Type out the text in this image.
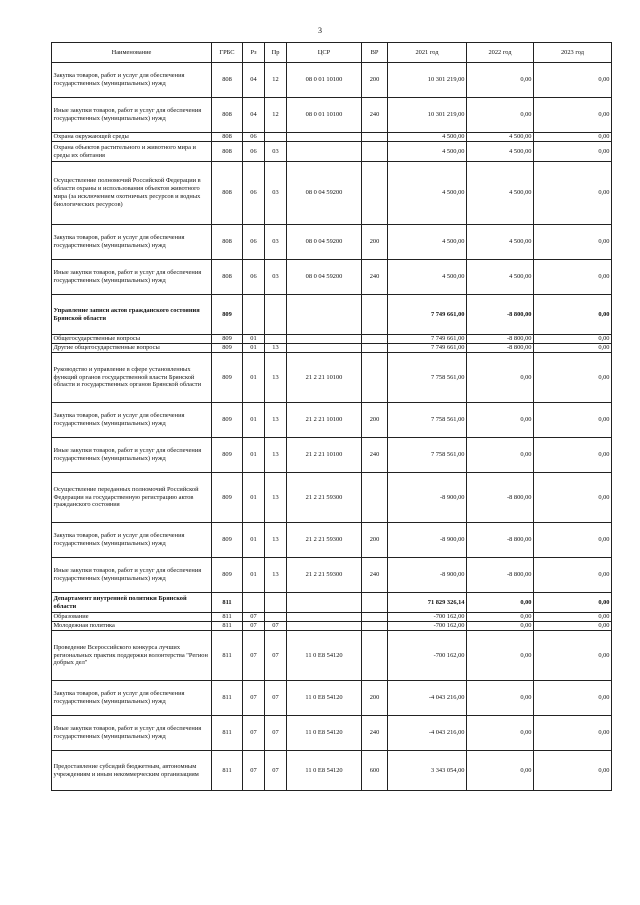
3
Наименование	ГРБС	Рз	Пр	ЦСР	ВР	2021 год	2022 год	2023 год
Закупка товаров, работ и услуг для обеспечения государственных (муниципальных) нужд	808	04	12	08 0 01 10100	200	10 301 219,00	0,00	0,00
Иные закупки товаров, работ и услуг для обеспечения государственных (муниципальных) нужд	808	04	12	08 0 01 10100	240	10 301 219,00	0,00	0,00
Охрана окружающей среды	808	06				4 500,00	4 500,00	0,00
Охрана объектов растительного и животного мира и среды их обитания	808	06	03			4 500,00	4 500,00	0,00
Осуществление полномочий Российской Федерации в области охраны и использования объектов животного мира (за исключением охотничьих ресурсов и водных биологических ресурсов)	808	06	03	08 0 04 59200		4 500,00	4 500,00	0,00
Закупка товаров, работ и услуг для обеспечения государственных (муниципальных) нужд	808	06	03	08 0 04 59200	200	4 500,00	4 500,00	0,00
Иные закупки товаров, работ и услуг для обеспечения государственных (муниципальных) нужд	808	06	03	08 0 04 59200	240	4 500,00	4 500,00	0,00
Управление записи актов гражданского состояния Брянской области	809					7 749 661,00	-8 800,00	0,00
Общегосударственные вопросы	809	01				7 749 661,00	-8 800,00	0,00
Другие общегосударственные вопросы	809	01	13			7 749 661,00	-8 800,00	0,00
Руководство и управление в сфере установленных функций органов государственной власти Брянской области и государственных органов Брянской области	809	01	13	21 2 21 10100		7 758 561,00	0,00	0,00
Закупка товаров, работ и услуг для обеспечения государственных (муниципальных) нужд	809	01	13	21 2 21 10100	200	7 758 561,00	0,00	0,00
Иные закупки товаров, работ и услуг для обеспечения государственных (муниципальных) нужд	809	01	13	21 2 21 10100	240	7 758 561,00	0,00	0,00
Осуществление переданных полномочий Российской Федерации на государственную регистрацию актов гражданского состояния	809	01	13	21 2 21 59300		-8 900,00	-8 800,00	0,00
Закупка товаров, работ и услуг для обеспечения государственных (муниципальных) нужд	809	01	13	21 2 21 59300	200	-8 900,00	-8 800,00	0,00
Иные закупки товаров, работ и услуг для обеспечения государственных (муниципальных) нужд	809	01	13	21 2 21 59300	240	-8 900,00	-8 800,00	0,00
Департамент внутренней политики Брянской области	811					71 829 326,14	0,00	0,00
Образование	811	07				-700 162,00	0,00	0,00
Молодежная политика	811	07	07			-700 162,00	0,00	0,00
Проведение Всероссийского конкурса лучших региональных практик поддержки волонтерства "Регион добрых дел"	811	07	07	11 0 E8 54120		-700 162,00	0,00	0,00
Закупка товаров, работ и услуг для обеспечения государственных (муниципальных) нужд	811	07	07	11 0 E8 54120	200	-4 043 216,00	0,00	0,00
Иные закупки товаров, работ и услуг для обеспечения государственных (муниципальных) нужд	811	07	07	11 0 E8 54120	240	-4 043 216,00	0,00	0,00
Предоставление субсидий бюджетным, автономным учреждениям и иным некоммерческим организациям	811	07	07	11 0 E8 54120	600	3 343 054,00	0,00	0,00
